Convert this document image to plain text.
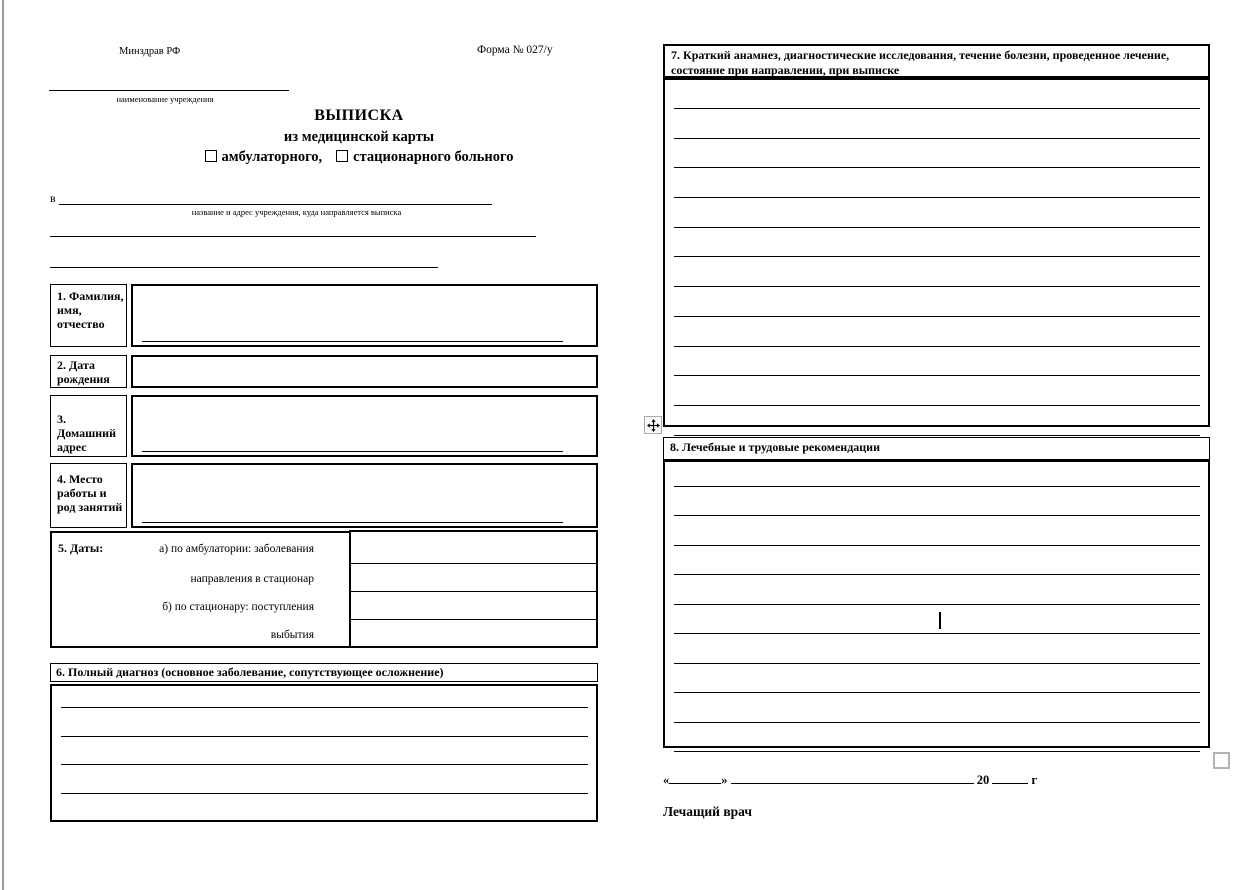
Минздрав РФ	Форма № 027/у
наименование учреждения
ВЫПИСКА
из медицинской карты
амбулаторного, стационарного больного
в
название и адрес учреждения, куда направляется выписка
1. Фамилия, имя, отчество
2. Дата рождения
3. Домашний адрес
4. Место работы и род занятий
5. Даты:	а) по амбулатории: заболевания
направления в стационар
б) по стационару: поступления
выбытия
6. Полный диагноз (основное заболевание, сопутствующее осложнение)
7. Краткий анамнез, диагностические исследования, течение болезни, проведенное лечение, состояние при направлении, при выписке
8. Лечебные и трудовые рекомендации
«	»	20	г
Лечащий врач
